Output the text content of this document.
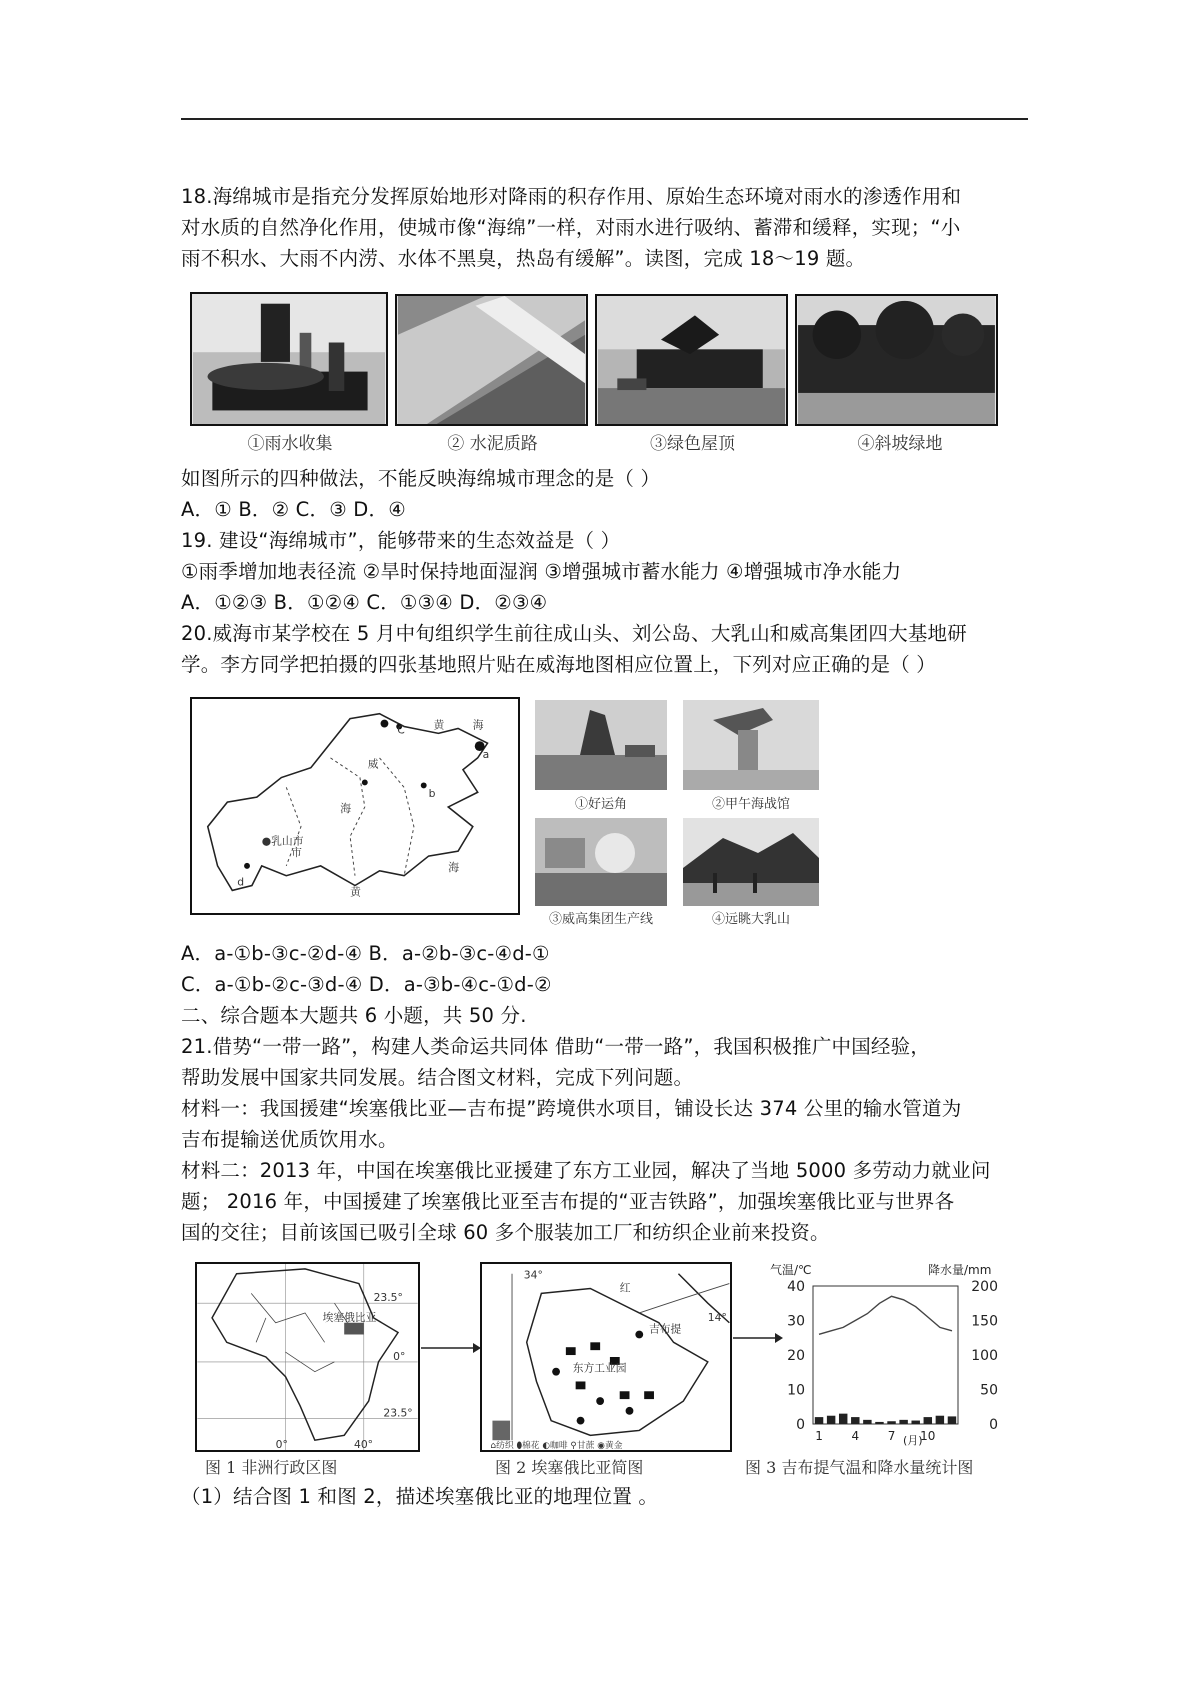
18.海绵城市是指充分发挥原始地形对降雨的积存作用、原始生态环境对雨水的渗透作用和
对水质的自然净化作用，使城市像“海绵”一样，对雨水进行吸纳、蓄滞和缓释，实现；“小
雨不积水、大雨不内涝、水体不黑臭，热岛有缓解”。读图，完成 18～19 题。
①雨水收集	② 水泥质路	③绿色屋顶	④斜坡绿地
如图所示的四种做法，不能反映海绵城市理念的是（ ）
A．① B．② C．③ D．④
19. 建设“海绵城市”，能够带来的生态效益是（ ）
①雨季增加地表径流 ②旱时保持地面湿润 ③增强城市蓄水能力 ④增强城市净水能力
A．①②③ B．①②④ C．①③④ D．②③④
20.威海市某学校在 5 月中旬组织学生前往成山头、刘公岛、大乳山和威高集团四大基地研
学。李方同学把拍摄的四张基地照片贴在威海地图相应位置上，下列对应正确的是（ ）
C	黄	海
威
海
市
●乳山市
黄
海
a
b
d
①好运角	②甲午海战馆
③威高集团生产线	④远眺大乳山
A．a-①b-③c-②d-④ B．a-②b-③c-④d-①
C．a-①b-②c-③d-④ D．a-③b-④c-①d-②
二、综合题本大题共 6 小题，共 50 分.
21.借势“一带一路”，构建人类命运共同体 借助“一带一路”，我国积极推广中国经验，
帮助发展中国家共同发展。结合图文材料，完成下列问题。
材料一：我国援建“埃塞俄比亚—吉布提”跨境供水项目，铺设长达 374 公里的输水管道为
吉布提输送优质饮用水。
材料二：2013 年，中国在埃塞俄比亚援建了东方工业园，解决了当地 5000 多劳动力就业问
题； 2016 年，中国援建了埃塞俄比亚至吉布提的“亚吉铁路”，加强埃塞俄比亚与世界各
国的交往；目前该国已吸引全球 60 多个服装加工厂和纺织企业前来投资。
23.5°
0°
23.5°
0°	40°
埃塞俄比亚
34°
14°
吉布提
红
东方工业园
⌂纺织 ⬮棉花 ◐咖啡 ⚲甘蔗 ◉黄金
气温/℃	降水量/mm
0
10
20
30
40
0
50
100
150
200
1 4 7 10
(月)
图 1 非洲行政区图	图 2 埃塞俄比亚简图	图 3 吉布提气温和降水量统计图
（1）结合图 1 和图 2，描述埃塞俄比亚的地理位置 。
